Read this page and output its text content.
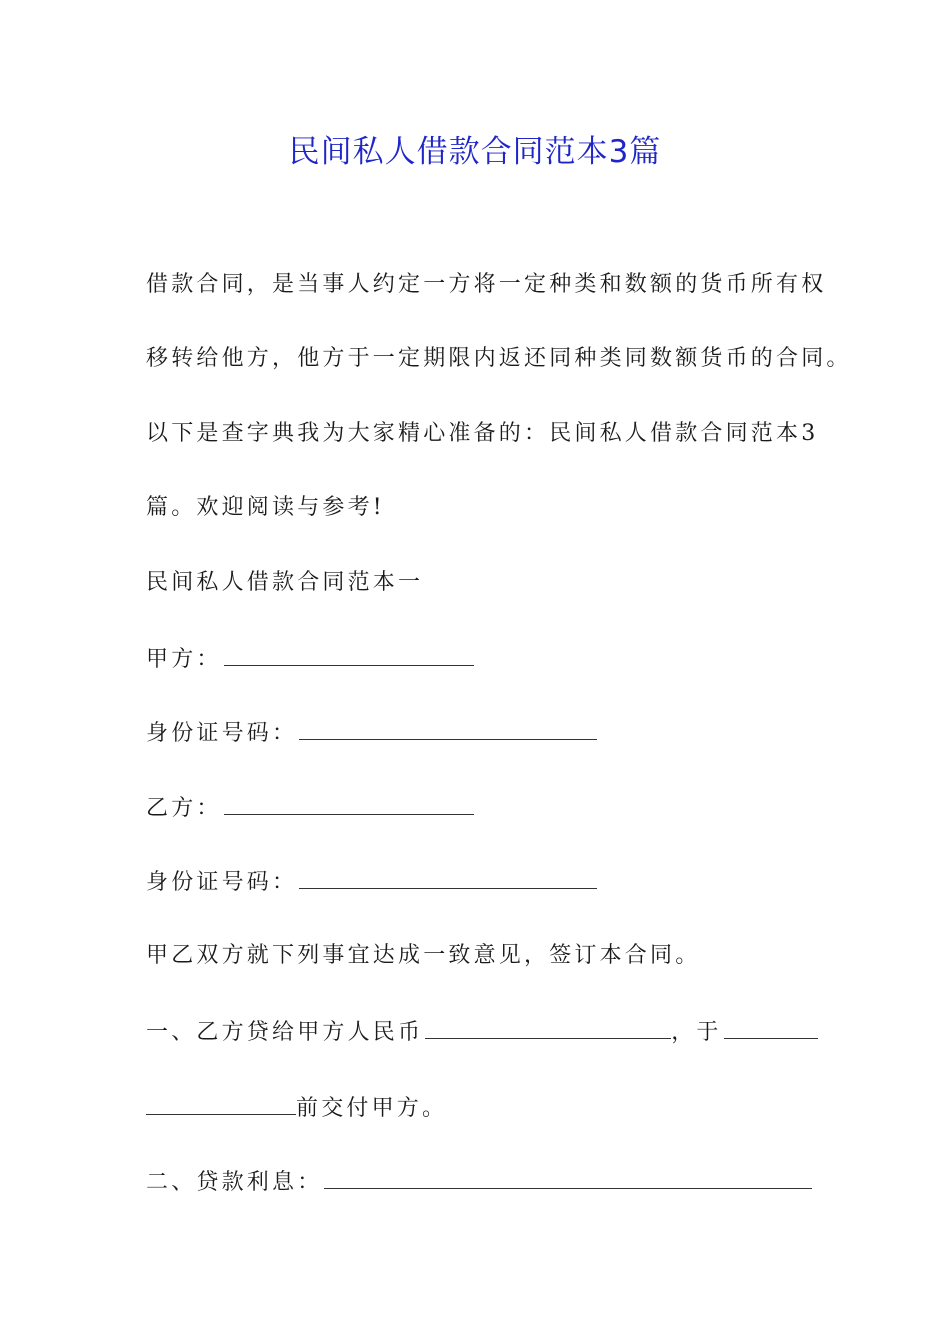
民间私人借款合同范本3篇
借款合同，是当事人约定一方将一定种类和数额的货币所有权
移转给他方，他方于一定期限内返还同种类同数额货币的合同。
以下是查字典我为大家精心准备的：民间私人借款合同范本3
篇。欢迎阅读与参考!
民间私人借款合同范本一
甲方：
身份证号码：
乙方：
身份证号码：
甲乙双方就下列事宜达成一致意见，签订本合同。
一、乙方贷给甲方人民币	，于
前交付甲方。
二、贷款利息：
